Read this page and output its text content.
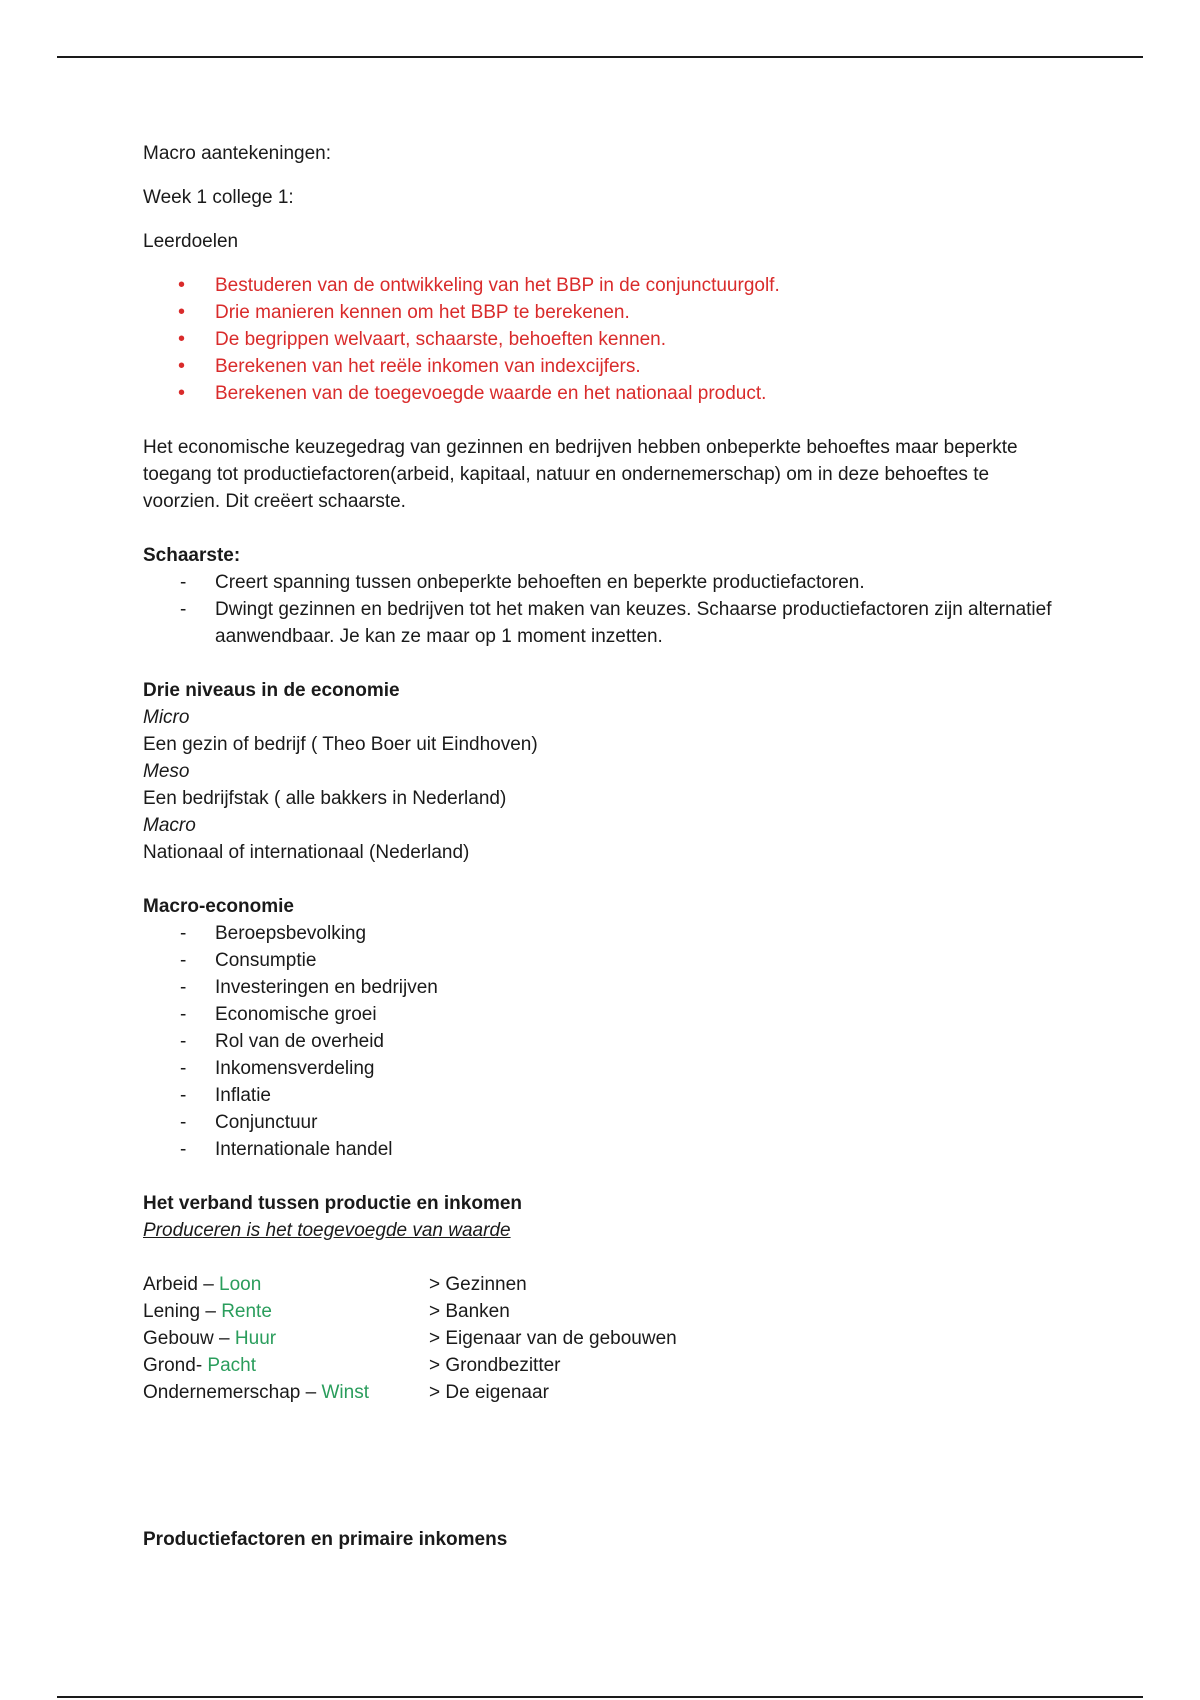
Macro aantekeningen:

Week 1 college 1:

Leerdoelen

• Bestuderen van de ontwikkeling van het BBP in de conjunctuurgolf.
• Drie manieren kennen om het BBP te berekenen.
• De begrippen welvaart, schaarste, behoeften kennen.
• Berekenen van het reële inkomen van indexcijfers.
• Berekenen van de toegevoegde waarde en het nationaal product.

Het economische keuzegedrag van gezinnen en bedrijven hebben onbeperkte behoeftes maar beperkte toegang tot productiefactoren(arbeid, kapitaal, natuur en ondernemerschap) om in deze behoeftes te voorzien. Dit creëert schaarste.

Schaarste:

- Creert spanning tussen onbeperkte behoeften en beperkte productiefactoren.
- Dwingt gezinnen en bedrijven tot het maken van keuzes. Schaarse productiefactoren zijn alternatief aanwendbaar. Je kan ze maar op 1 moment inzetten.

Drie niveaus in de economie

Micro

Een gezin of bedrijf ( Theo Boer uit Eindhoven)

Meso

Een bedrijfstak ( alle bakkers in Nederland)

Macro

Nationaal of internationaal (Nederland)

Macro-economie

- Beroepsbevolking
- Consumptie
- Investeringen en bedrijven
- Economische groei
- Rol van de overheid
- Inkomensverdeling
- Inflatie
- Conjunctuur
- Internationale handel

Het verband tussen productie en inkomen

Produceren is het toegevoegde van waarde

Arbeid – Loon	> Gezinnen
Lening – Rente	> Banken
Gebouw – Huur	> Eigenaar van de gebouwen
Grond- Pacht	> Grondbezitter
Ondernemerschap – Winst	> De eigenaar

Productiefactoren en primaire inkomens
